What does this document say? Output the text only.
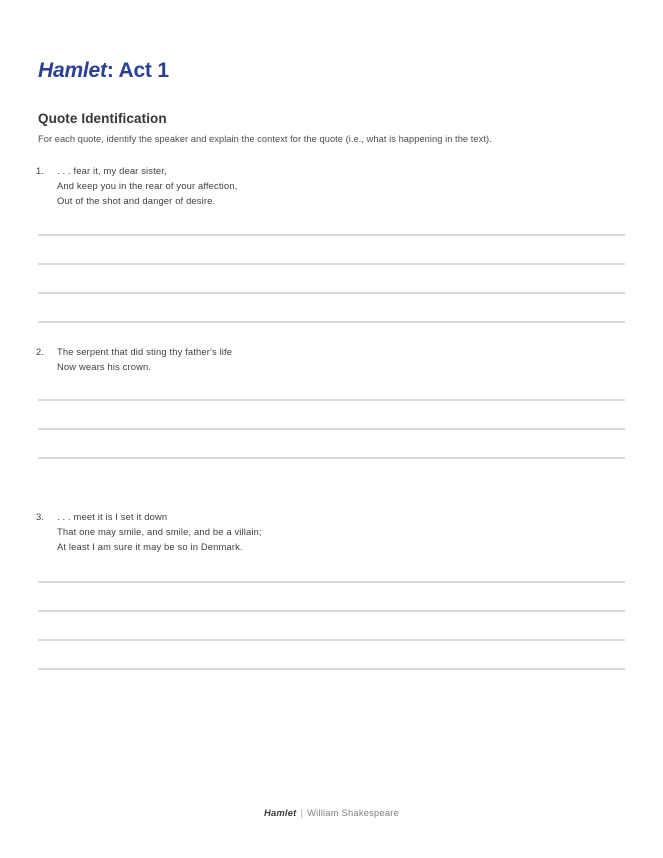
Hamlet: Act 1
Quote Identification

For each quote, identify the speaker and explain the context for the quote (i.e., what is happening in the text).

1.	. . . fear it, my dear sister,
And keep you in the rear of your affection,
Out of the shot and danger of desire.
2.	The serpent that did sting thy father's life
Now wears his crown.
3.	. . . meet it is I set it down
That one may smile, and smile, and be a villain;
At least I am sure it may be so in Denmark.
Hamlet | William Shakespeare
